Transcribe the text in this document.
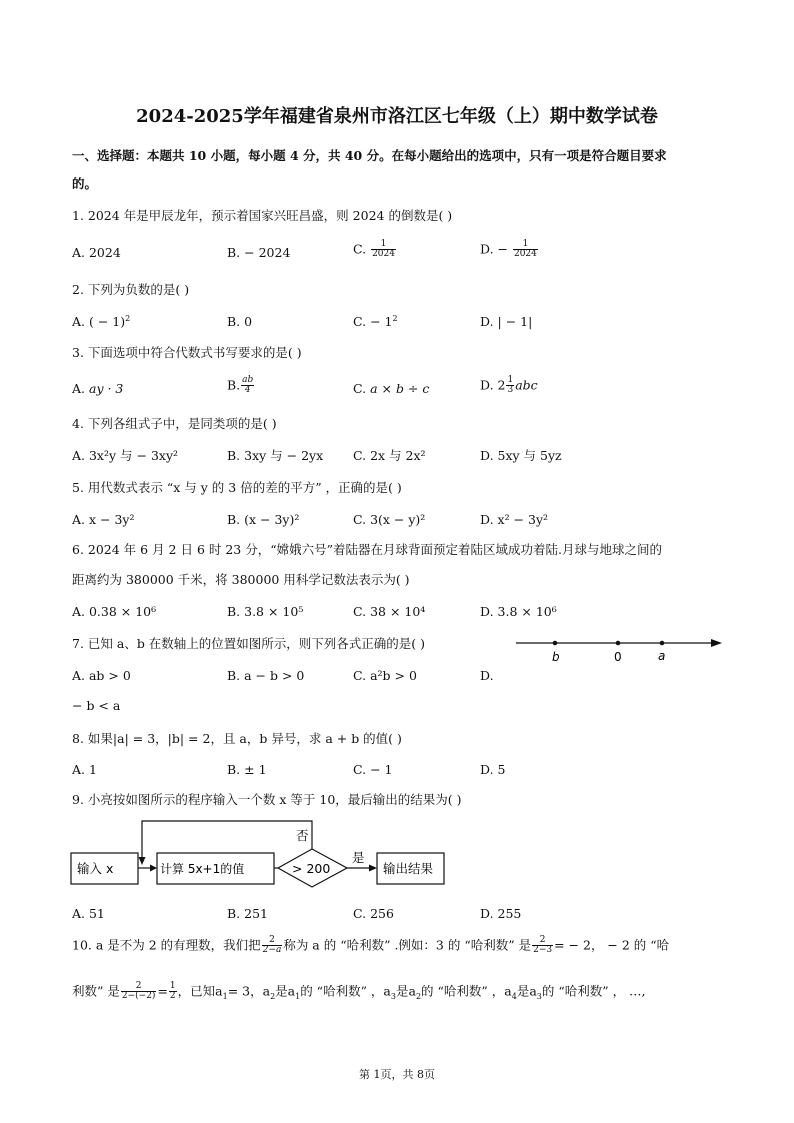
2024-2025学年福建省泉州市洛江区七年级（上）期中数学试卷
一、选择题：本题共 10 小题，每小题 4 分，共 40 分。在每小题给出的选项中，只有一项是符合题目要求
的。
1. 2024 年是甲辰龙年，预示着国家兴旺昌盛，则 2024 的倒数是( )
A. 2024	B. − 2024	C. $\frac{1}{2024}$	D. − $\frac{1}{2024}$
2. 下列为负数的是( )
A. ( − 1)$^2$	B. 0	C. − $1^2$	D. | − 1|
3. 下面选项中符合代数式书写要求的是( )
A. ay · 3	B. $\frac{ab}{4}$	C. a × b ÷ c	D. $2 \frac{1}{3}$ abc
4. 下列各组式子中，是同类项的是( )
A. 3x²y 与 − 3xy²	B. 3xy 与 − 2yx C. 2x 与 2x²	D. 5xy 与 5yz
5. 用代数式表示 “x 与 y 的 3 倍的差的平方” ，正确的是( )
A. x − 3y²	B. (x − 3y)²	C. 3(x − y)²	D. x² − 3y²
6. 2024 年 6 月 2 日 6 时 23 分，“嫦娥六号”着陆器在月球背面预定着陆区域成功着陆.月球与地球之间的
距离约为 380000 千米，将 380000 用科学记数法表示为( )
A. 0.38 × 10⁶	B. 3.8 × 10⁵	C. 38 × 10⁴	D. 3.8 × 10⁶
7. 已知 a、b 在数轴上的位置如图所示，则下列各式正确的是( )
b	0	a
A. ab > 0	B. a − b > 0	C. a²b > 0	D.
− b < a
8. 如果|a| = 3，|b| = 2，且 a，b 异号，求 a + b 的值( )
A. 1	B. ± 1	C. − 1	D. 5
9. 小亮按如图所示的程序输入一个数 x 等于 10，最后输出的结果为( )
输入 x	计算 5x+1的值	> 200
否
是
输出结果
A. 51	B. 251	C. 256	D. 255
10. a 是不为 2 的有理数，我们把 $\frac{2}{2-a}$ 称为 a 的 “哈利数” .例如：3 的 “哈利数” 是 $\frac{2}{2-3}$ = − 2， − 2 的 “哈
利数” 是 $\frac{2}{2-(-2)} = \frac{1}{2}$ ，已知$a_1= 3$，$a_2$是$a_1$的 “哈利数” ，$a_3$是$a_2$的 “哈利数” ，$a_4$是$a_3$的 “哈利数” ， …,
第 1页，共 8页
